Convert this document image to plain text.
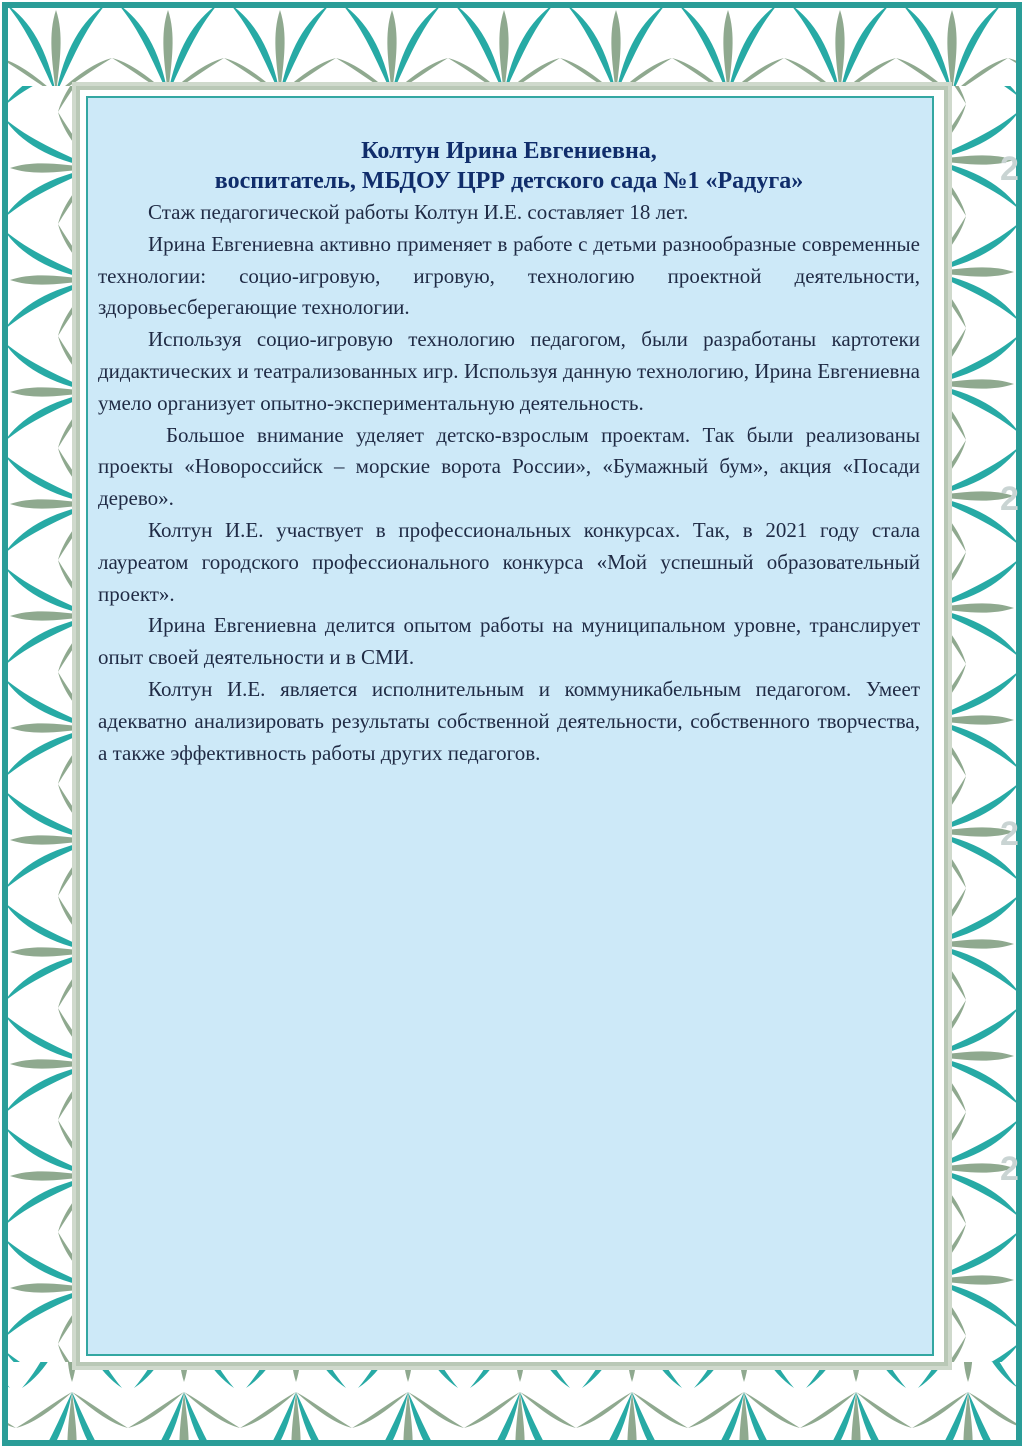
Колтун Ирина Евгениевна,

воспитатель, МБДОУ ЦРР детского сада №1 «Радуга»

Стаж педагогической работы Колтун И.Е. составляет 18 лет.

Ирина Евгениевна активно применяет в работе с детьми разнообразные современные технологии: социо-игровую, игровую, технологию проектной деятельности, здоровьесберегающие технологии.

Используя социо-игровую технологию педагогом, были разработаны картотеки дидактических и театрализованных игр. Используя данную технологию, Ирина Евгениевна умело организует опытно-экспериментальную деятельность.

Большое внимание уделяет детско-взрослым проектам. Так были реализованы проекты «Новороссийск – морские ворота России», «Бумажный бум», акция «Посади дерево».

Колтун И.Е. участвует в профессиональных конкурсах. Так, в 2021 году стала лауреатом городского профессионального конкурса «Мой успешный образовательный проект».

Ирина Евгениевна делится опытом работы на муниципальном уровне, транслирует опыт своей деятельности и в СМИ.

Колтун И.Е. является исполнительным и коммуникабельным педагогом. Умеет адекватно анализировать результаты собственной деятельности, собственного творчества, а также эффективность работы других педагогов.

2
2
2
2
